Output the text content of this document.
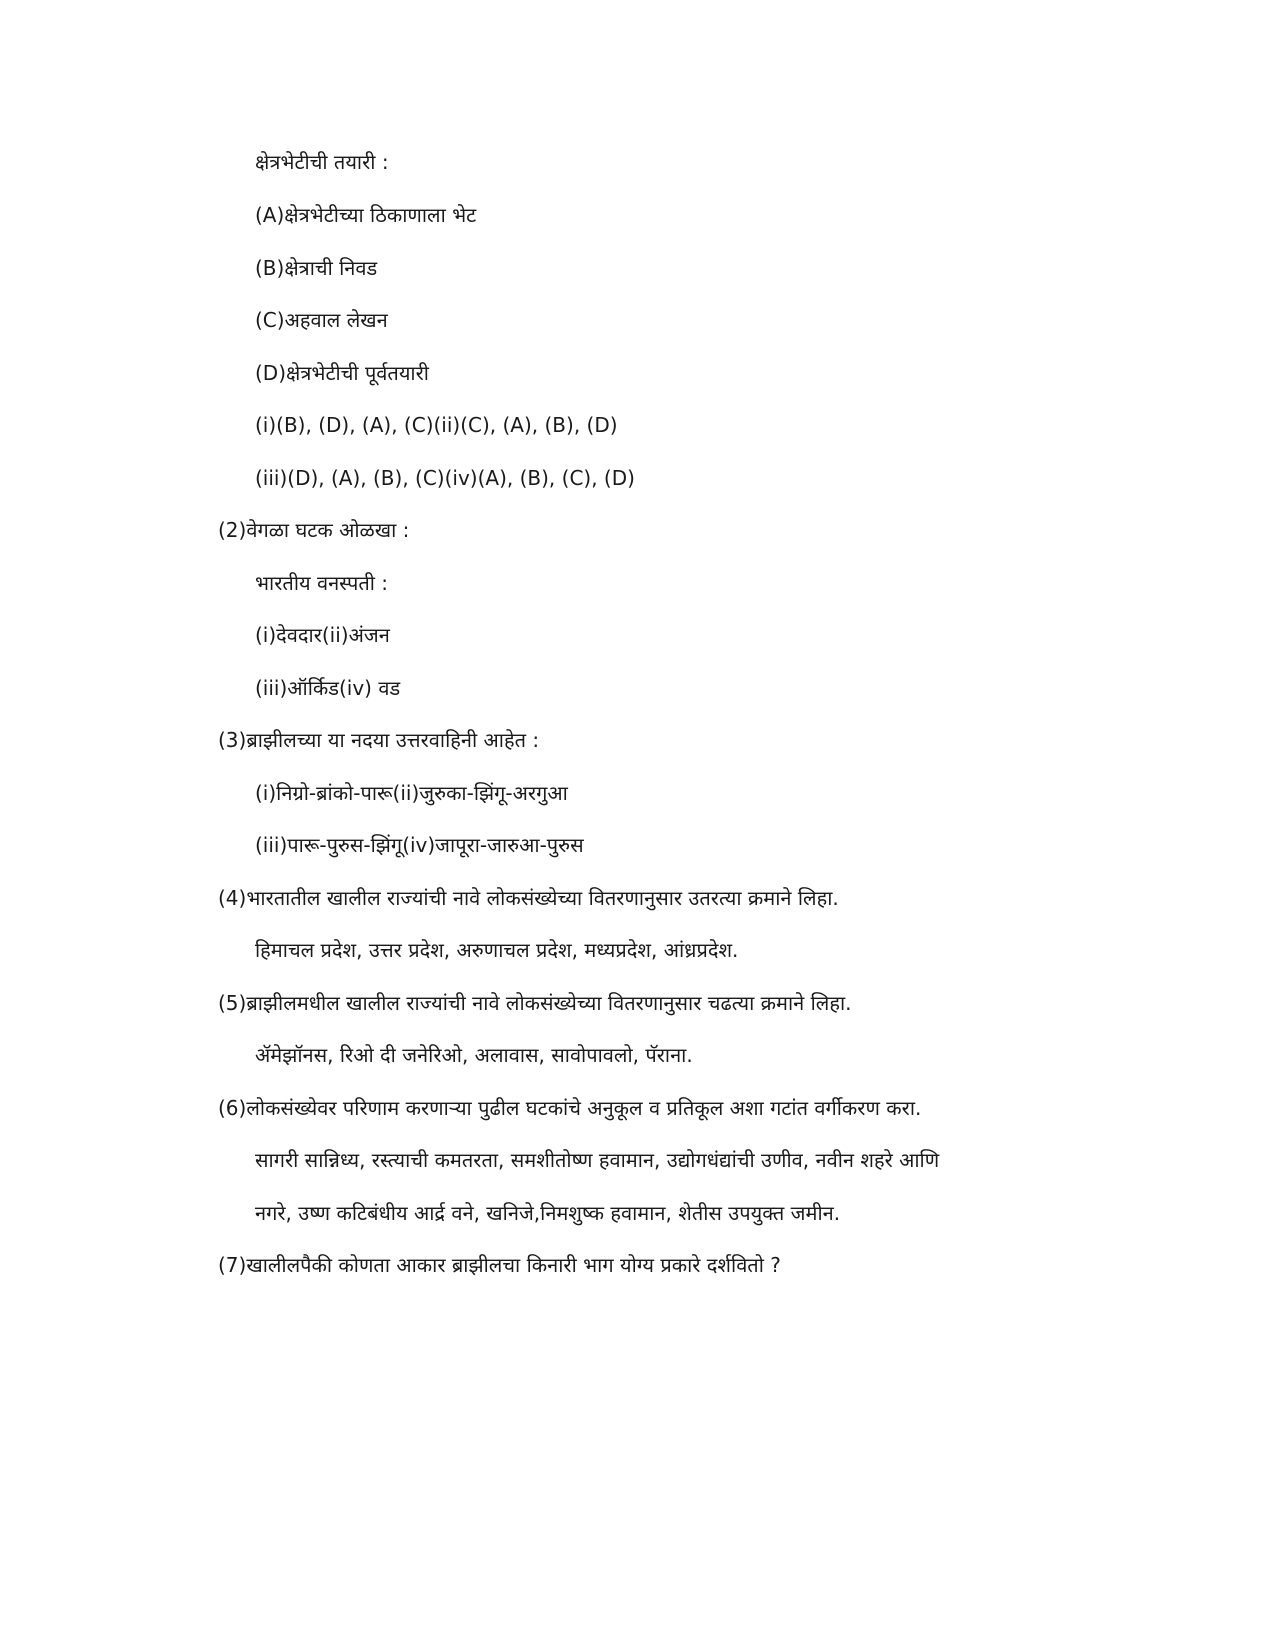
क्षेत्रभेटीची तयारी :
(A)क्षेत्रभेटीच्या ठिकाणाला भेट
(B)क्षेत्राची निवड
(C)अहवाल लेखन
(D)क्षेत्रभेटीची पूर्वतयारी
(i)(B), (D), (A), (C)(ii)(C), (A), (B), (D)
(iii)(D), (A), (B), (C)(iv)(A), (B), (C), (D)
(2)वेगळा घटक ओळखा :
भारतीय वनस्पती :
(i)देवदार(ii)अंजन
(iii)ऑर्किड(iv) वड
(3)ब्राझीलच्या या नदया उत्तरवाहिनी आहेत :
(i)निग्रो-ब्रांको-पारू(ii)जुरुका-झिंगू-अरगुआ
(iii)पारू-पुरुस-झिंगू(iv)जापूरा-जारुआ-पुरुस
(4)भारतातील खालील राज्यांची नावे लोकसंख्येच्या वितरणानुसार उतरत्या क्रमाने लिहा.
हिमाचल प्रदेश, उत्तर प्रदेश, अरुणाचल प्रदेश, मध्यप्रदेश, आंध्रप्रदेश.
(5)ब्राझीलमधील खालील राज्यांची नावे लोकसंख्येच्या वितरणानुसार चढत्या क्रमाने लिहा.
ॲमेझॉनस, रिओ दी जनेरिओ, अलावास, सावोपावलो, पॅराना.
(6)लोकसंख्येवर परिणाम करणाऱ्या पुढील घटकांचे अनुकूल व प्रतिकूल अशा गटांत वर्गीकरण करा.
सागरी सान्निध्य, रस्त्याची कमतरता, समशीतोष्ण हवामान, उद्योगधंद्यांची उणीव, नवीन शहरे आणि
नगरे, उष्ण कटिबंधीय आर्द्र वने, खनिजे,निमशुष्क हवामान, शेतीस उपयुक्त जमीन.
(7)खालीलपैकी कोणता आकार ब्राझीलचा किनारी भाग योग्य प्रकारे दर्शवितो ?
